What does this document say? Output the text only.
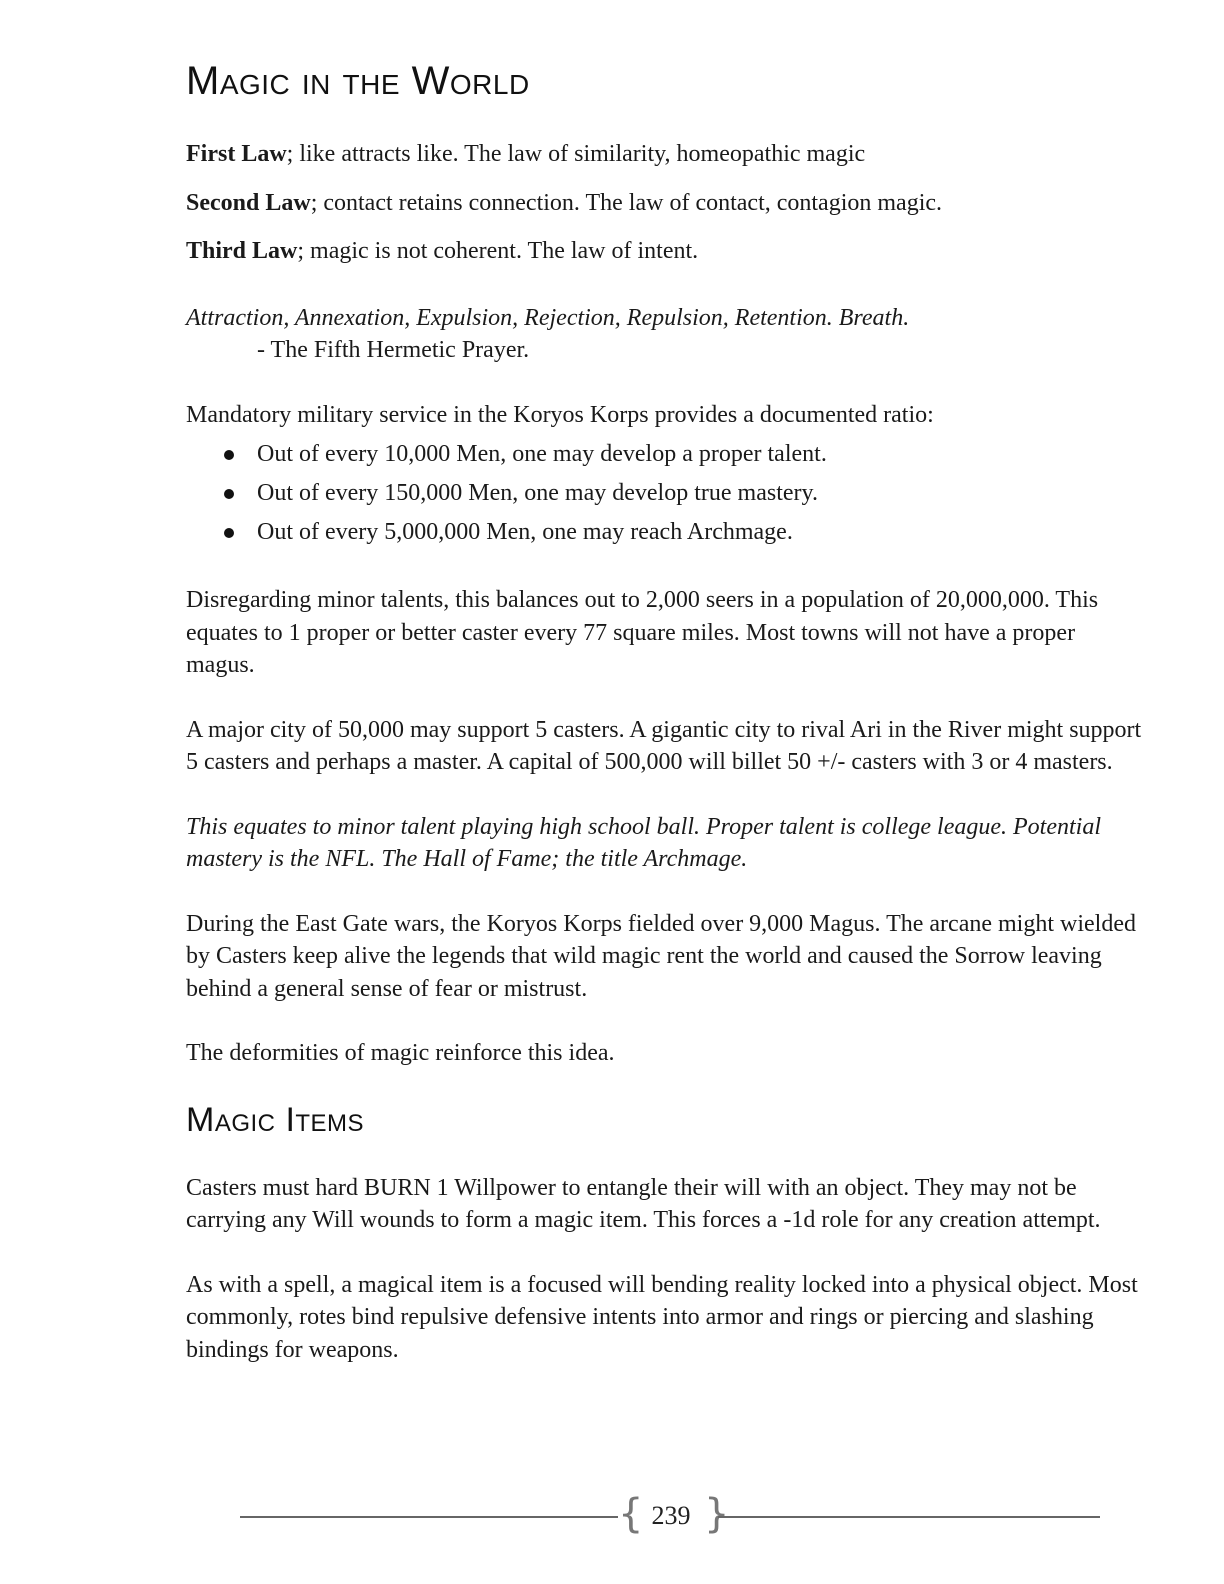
Magic in the World

First Law; like attracts like. The law of similarity, homeopathic magic

Second Law; contact retains connection. The law of contact, contagion magic.

Third Law; magic is not coherent. The law of intent.

Attraction, Annexation, Expulsion, Rejection, Repulsion, Retention. Breath.

- The Fifth Hermetic Prayer.

Mandatory military service in the Koryos Korps provides a documented ratio:

Out of every 10,000 Men, one may develop a proper talent.
Out of every 150,000 Men, one may develop true mastery.
Out of every 5,000,000 Men, one may reach Archmage.

Disregarding minor talents, this balances out to 2,000 seers in a population of 20,000,000. This equates to 1 proper or better caster every 77 square miles. Most towns will not have a proper magus.

A major city of 50,000 may support 5 casters. A gigantic city to rival Ari in the River might support 5 casters and perhaps a master. A capital of 500,000 will billet 50 +/- casters with 3 or 4 masters.

This equates to minor talent playing high school ball. Proper talent is college league. Potential mastery is the NFL. The Hall of Fame; the title Archmage.

During the East Gate wars, the Koryos Korps fielded over 9,000 Magus. The arcane might wielded by Casters keep alive the legends that wild magic rent the world and caused the Sorrow leaving behind a general sense of fear or mistrust.

The deformities of magic reinforce this idea.

Magic Items

Casters must hard BURN 1 Willpower to entangle their will with an object. They may not be carrying any Will wounds to form a magic item. This forces a -1d role for any creation attempt.

As with a spell, a magical item is a focused will bending reality locked into a physical object. Most commonly, rotes bind repulsive defensive intents into armor and rings or piercing and slashing bindings for weapons.

{ 239 }
